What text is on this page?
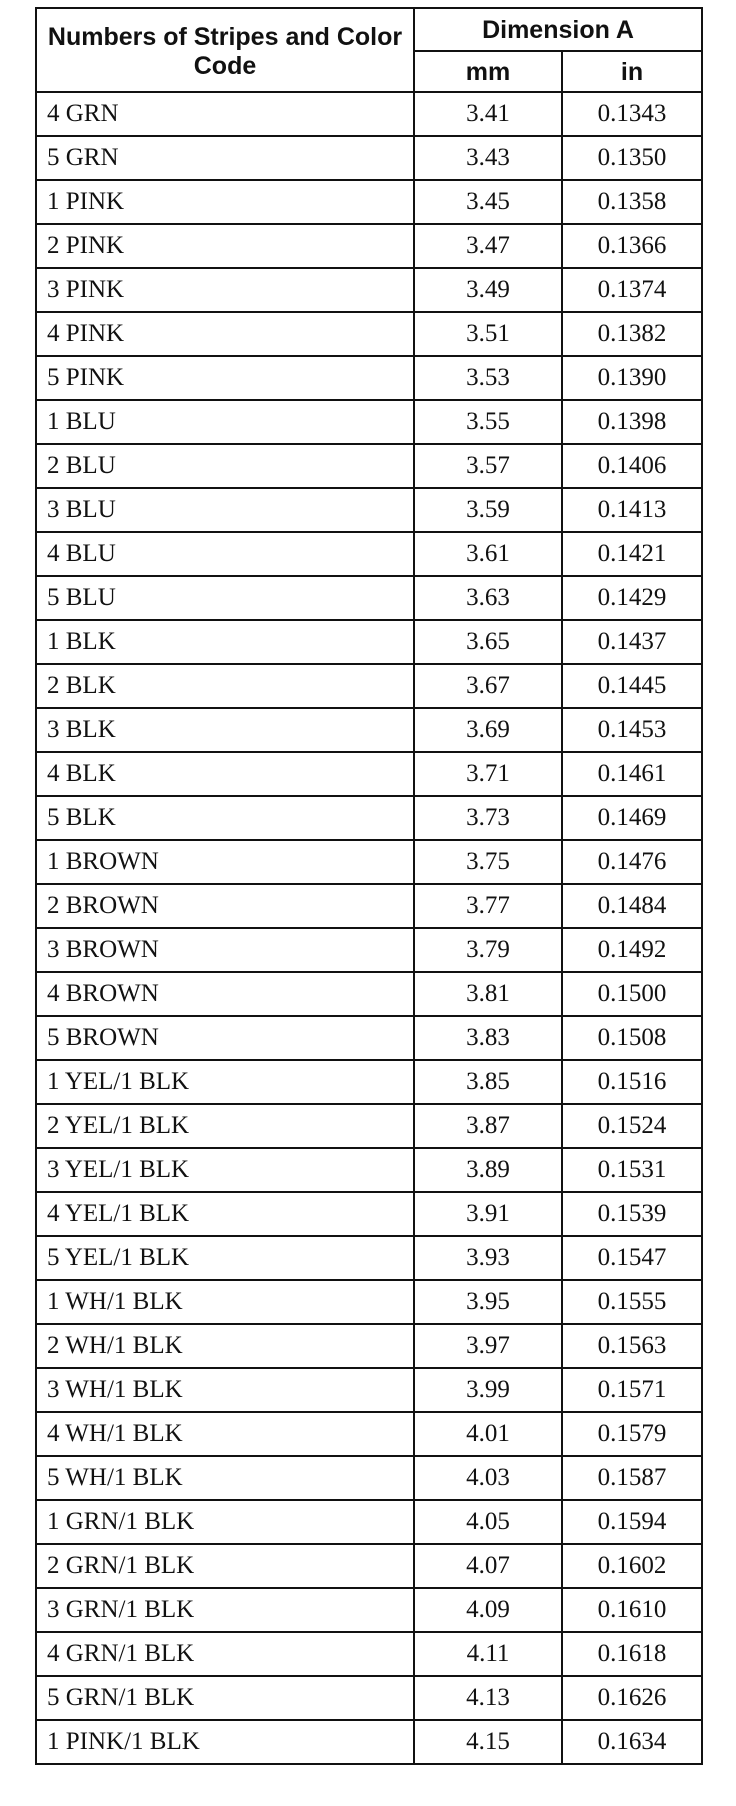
Numbers of Stripes and Color Code	Dimension A	
	mm	in
4 GRN	3.41	0.1343
5 GRN	3.43	0.1350
1 PINK	3.45	0.1358
2 PINK	3.47	0.1366
3 PINK	3.49	0.1374
4 PINK	3.51	0.1382
5 PINK	3.53	0.1390
1 BLU	3.55	0.1398
2 BLU	3.57	0.1406
3 BLU	3.59	0.1413
4 BLU	3.61	0.1421
5 BLU	3.63	0.1429
1 BLK	3.65	0.1437
2 BLK	3.67	0.1445
3 BLK	3.69	0.1453
4 BLK	3.71	0.1461
5 BLK	3.73	0.1469
1 BROWN	3.75	0.1476
2 BROWN	3.77	0.1484
3 BROWN	3.79	0.1492
4 BROWN	3.81	0.1500
5 BROWN	3.83	0.1508
1 YEL/1 BLK	3.85	0.1516
2 YEL/1 BLK	3.87	0.1524
3 YEL/1 BLK	3.89	0.1531
4 YEL/1 BLK	3.91	0.1539
5 YEL/1 BLK	3.93	0.1547
1 WH/1 BLK	3.95	0.1555
2 WH/1 BLK	3.97	0.1563
3 WH/1 BLK	3.99	0.1571
4 WH/1 BLK	4.01	0.1579
5 WH/1 BLK	4.03	0.1587
1 GRN/1 BLK	4.05	0.1594
2 GRN/1 BLK	4.07	0.1602
3 GRN/1 BLK	4.09	0.1610
4 GRN/1 BLK	4.11	0.1618
5 GRN/1 BLK	4.13	0.1626
1 PINK/1 BLK	4.15	0.1634
